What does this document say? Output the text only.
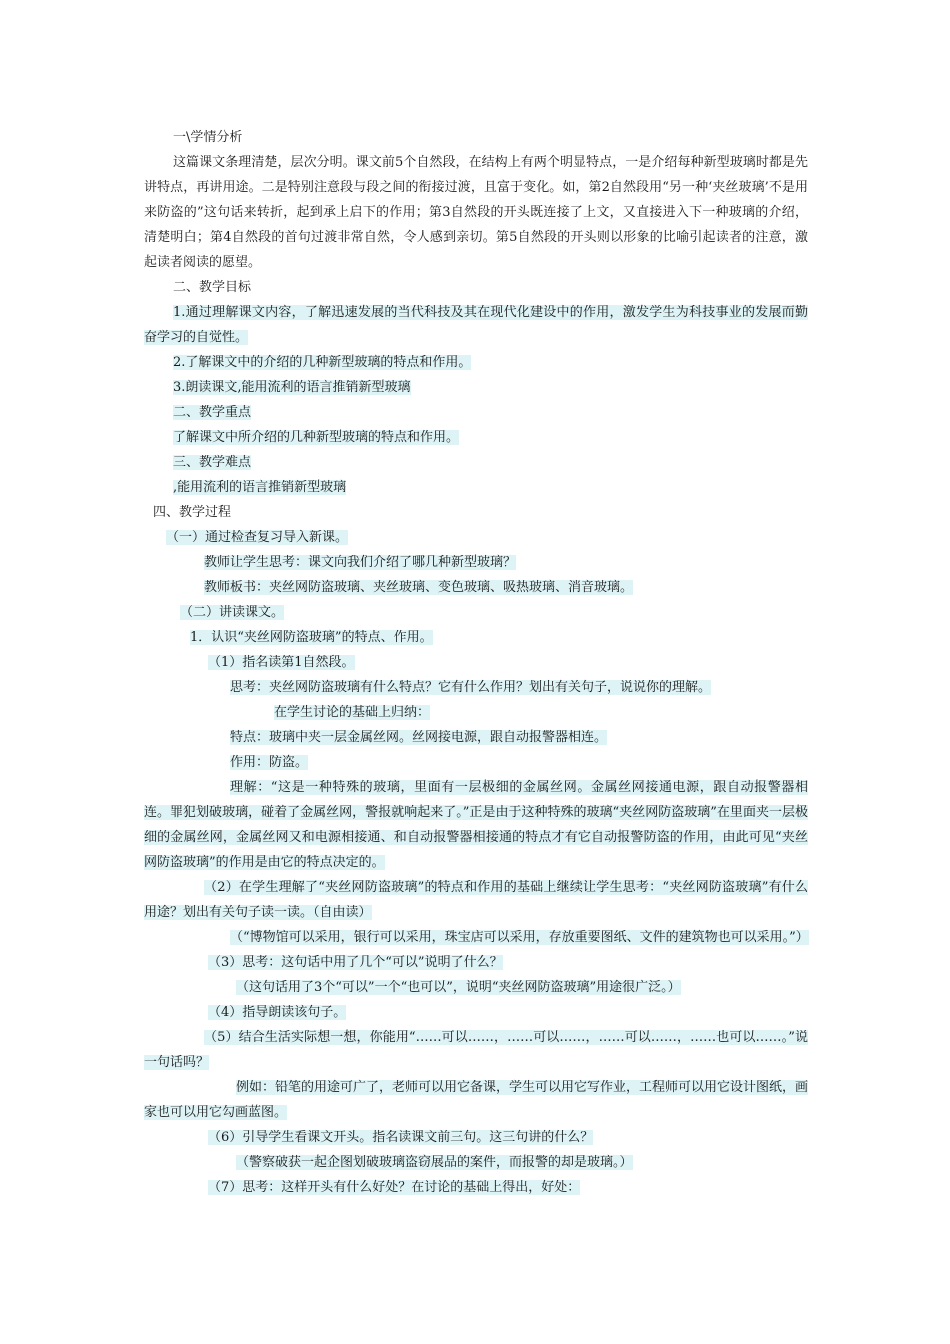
一\学情分析

这篇课文条理清楚，层次分明。课文前5个自然段，在结构上有两个明显特点，一是介绍每种新型玻璃时都是先讲特点，再讲用途。二是特别注意段与段之间的衔接过渡，且富于变化。如，第2自然段用“另一种‘夹丝玻璃’不是用来防盗的”这句话来转折，起到承上启下的作用；第3自然段的开头既连接了上文，又直接进入下一种玻璃的介绍，清楚明白；第4自然段的首句过渡非常自然，令人感到亲切。第5自然段的开头则以形象的比喻引起读者的注意，激起读者阅读的愿望。

二、教学目标

1.通过理解课文内容，了解迅速发展的当代科技及其在现代化建设中的作用，激发学生为科技事业的发展而勤奋学习的自觉性。

2.了解课文中的介绍的几种新型玻璃的特点和作用。

3.朗读课文,能用流利的语言推销新型玻璃

二、教学重点

了解课文中所介绍的几种新型玻璃的特点和作用。

三、教学难点

,能用流利的语言推销新型玻璃

四、教学过程

（一）通过检查复习导入新课。

教师让学生思考：课文向我们介绍了哪几种新型玻璃？

教师板书：夹丝网防盗玻璃、夹丝玻璃、变色玻璃、吸热玻璃、消音玻璃。

（二）讲读课文。

1．认识“夹丝网防盗玻璃”的特点、作用。

（1）指名读第1自然段。

思考：夹丝网防盗玻璃有什么特点？它有什么作用？划出有关句子，说说你的理解。

在学生讨论的基础上归纳：

特点：玻璃中夹一层金属丝网。丝网接电源，跟自动报警器相连。

作用：防盗。

理解：“这是一种特殊的玻璃，里面有一层极细的金属丝网。金属丝网接通电源，跟自动报警器相连。罪犯划破玻璃，碰着了金属丝网，警报就响起来了。”正是由于这种特殊的玻璃“夹丝网防盗玻璃”在里面夹一层极细的金属丝网，金属丝网又和电源相接通、和自动报警器相接通的特点才有它自动报警防盗的作用，由此可见“夹丝网防盗玻璃”的作用是由它的特点决定的。

（2）在学生理解了“夹丝网防盗玻璃”的特点和作用的基础上继续让学生思考：“夹丝网防盗玻璃”有什么用途？划出有关句子读一读。（自由读）

（“博物馆可以采用，银行可以采用，珠宝店可以采用，存放重要图纸、文件的建筑物也可以采用。”）

（3）思考：这句话中用了几个“可以”说明了什么？

（这句话用了3个“可以”一个“也可以”，说明“夹丝网防盗玻璃”用途很广泛。）

（4）指导朗读该句子。

（5）结合生活实际想一想，你能用“……可以……，……可以……，……可以……，……也可以……。”说一句话吗？

例如：铅笔的用途可广了，老师可以用它备课，学生可以用它写作业，工程师可以用它设计图纸，画家也可以用它勾画蓝图。

（6）引导学生看课文开头。指名读课文前三句。这三句讲的什么？

（警察破获一起企图划破玻璃盗窃展品的案件，而报警的却是玻璃。）

（7）思考：这样开头有什么好处？在讨论的基础上得出，好处：
